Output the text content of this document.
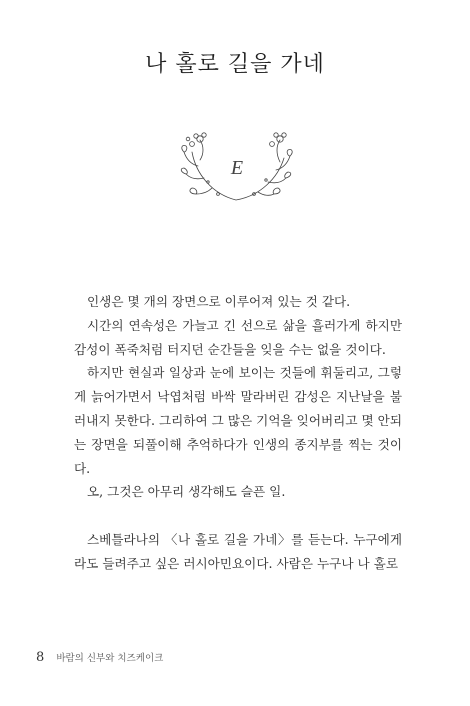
나 홀로 길을 가네
E

인생은 몇 개의 장면으로 이루어져 있는 것 같다.

시간의 연속성은 가늘고 긴 선으로 삶을 흘러가게 하지만 감성이 폭죽처럼 터지던 순간들을 잊을 수는 없을 것이다.

하지만 현실과 일상과 눈에 보이는 것들에 휘둘리고, 그렇게 늙어가면서 낙엽처럼 바싹 말라버린 감성은 지난날을 불러내지 못한다. 그리하여 그 많은 기억을 잊어버리고 몇 안되는 장면을 되풀이해 추억하다가 인생의 종지부를 찍는 것이다.

오, 그것은 아무리 생각해도 슬픈 일.

스베틀라나의 〈나 홀로 길을 가네〉를 듣는다. 누구에게라도 들려주고 싶은 러시아민요이다. 사람은 누구나 나 홀로

8 바람의 신부와 치즈케이크
